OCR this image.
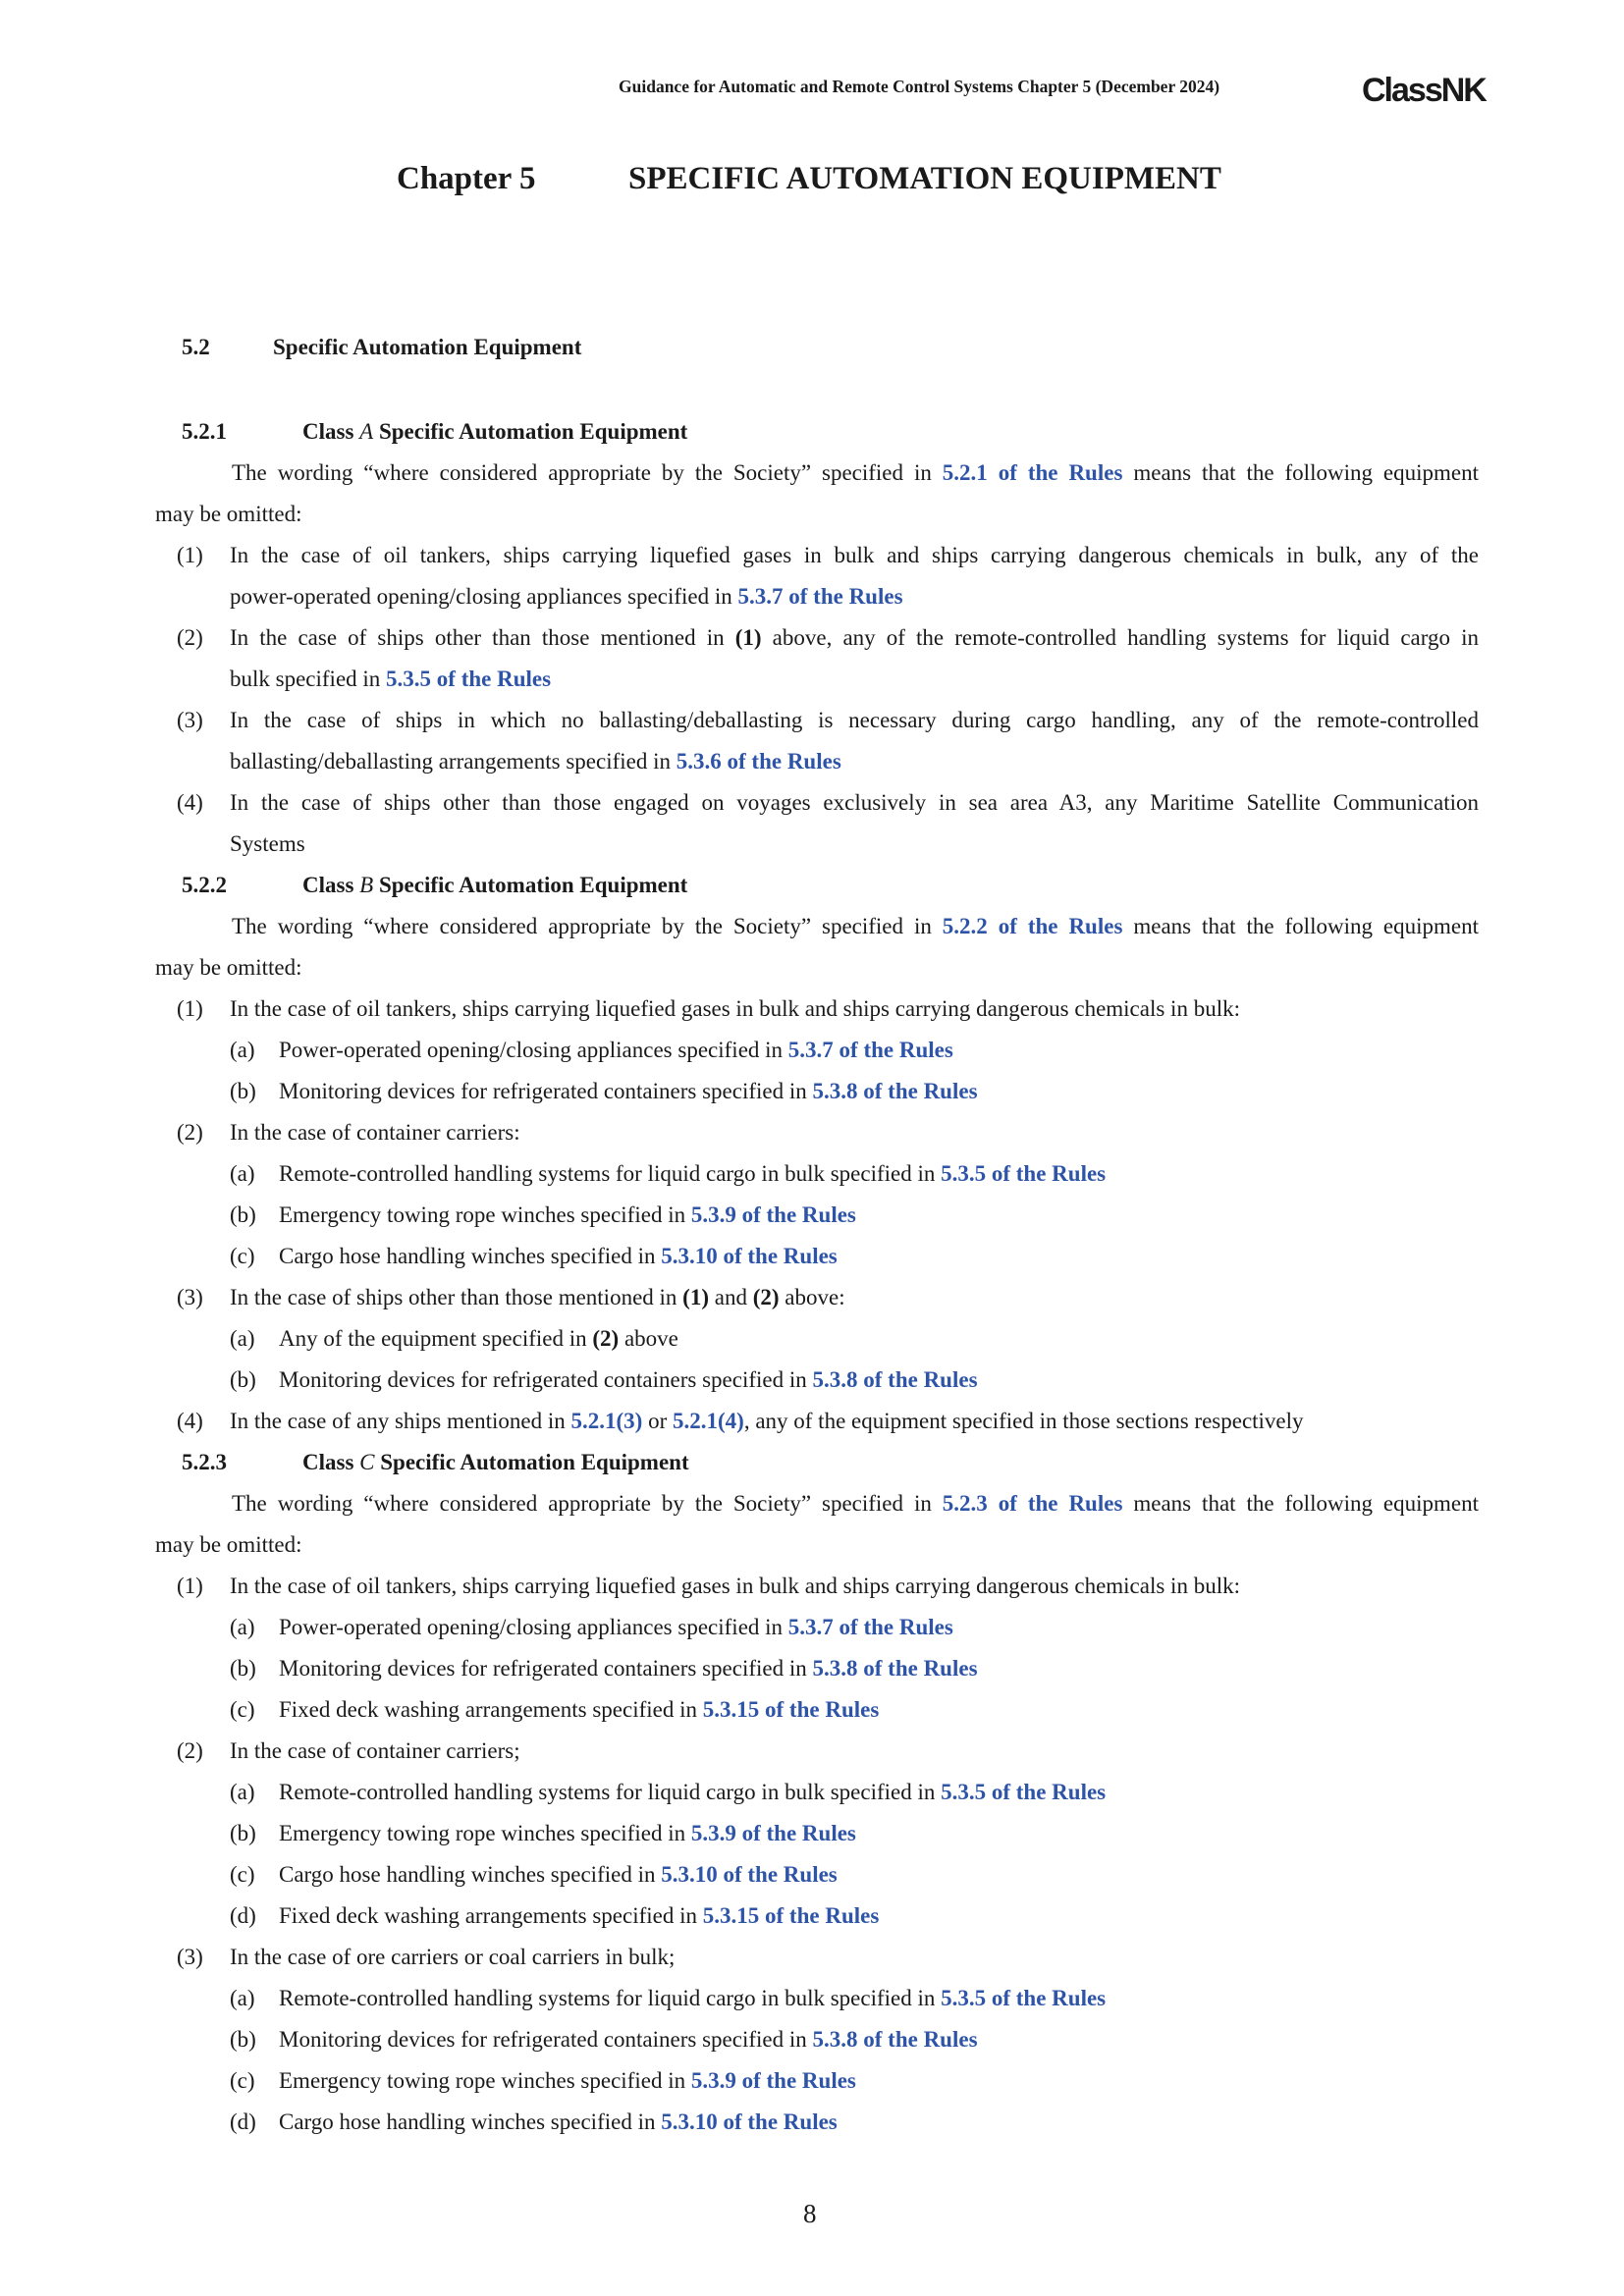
Guidance for Automatic and Remote Control Systems Chapter 5 (December 2024)	ClassNK
Chapter 5	SPECIFIC AUTOMATION EQUIPMENT
5.2	Specific Automation Equipment
5.2.1	Class A Specific Automation Equipment
The wording “where considered appropriate by the Society” specified in 5.2.1 of the Rules means that the following equipment
may be omitted:
(1) In the case of oil tankers, ships carrying liquefied gases in bulk and ships carrying dangerous chemicals in bulk, any of the
power-operated opening/closing appliances specified in 5.3.7 of the Rules
(2) In the case of ships other than those mentioned in (1) above, any of the remote-controlled handling systems for liquid cargo in
bulk specified in 5.3.5 of the Rules
(3) In the case of ships in which no ballasting/deballasting is necessary during cargo handling, any of the remote-controlled
ballasting/deballasting arrangements specified in 5.3.6 of the Rules
(4) In the case of ships other than those engaged on voyages exclusively in sea area A3, any Maritime Satellite Communication
Systems
5.2.2	Class B Specific Automation Equipment
The wording “where considered appropriate by the Society” specified in 5.2.2 of the Rules means that the following equipment
may be omitted:
(1) In the case of oil tankers, ships carrying liquefied gases in bulk and ships carrying dangerous chemicals in bulk:
(a) Power-operated opening/closing appliances specified in 5.3.7 of the Rules
(b) Monitoring devices for refrigerated containers specified in 5.3.8 of the Rules
(2) In the case of container carriers:
(a) Remote-controlled handling systems for liquid cargo in bulk specified in 5.3.5 of the Rules
(b) Emergency towing rope winches specified in 5.3.9 of the Rules
(c) Cargo hose handling winches specified in 5.3.10 of the Rules
(3) In the case of ships other than those mentioned in (1) and (2) above:
(a) Any of the equipment specified in (2) above
(b) Monitoring devices for refrigerated containers specified in 5.3.8 of the Rules
(4) In the case of any ships mentioned in 5.2.1(3) or 5.2.1(4), any of the equipment specified in those sections respectively
5.2.3	Class C Specific Automation Equipment
The wording “where considered appropriate by the Society” specified in 5.2.3 of the Rules means that the following equipment
may be omitted:
(1) In the case of oil tankers, ships carrying liquefied gases in bulk and ships carrying dangerous chemicals in bulk:
(a) Power-operated opening/closing appliances specified in 5.3.7 of the Rules
(b) Monitoring devices for refrigerated containers specified in 5.3.8 of the Rules
(c) Fixed deck washing arrangements specified in 5.3.15 of the Rules
(2) In the case of container carriers;
(a) Remote-controlled handling systems for liquid cargo in bulk specified in 5.3.5 of the Rules
(b) Emergency towing rope winches specified in 5.3.9 of the Rules
(c) Cargo hose handling winches specified in 5.3.10 of the Rules
(d) Fixed deck washing arrangements specified in 5.3.15 of the Rules
(3) In the case of ore carriers or coal carriers in bulk;
(a) Remote-controlled handling systems for liquid cargo in bulk specified in 5.3.5 of the Rules
(b) Monitoring devices for refrigerated containers specified in 5.3.8 of the Rules
(c) Emergency towing rope winches specified in 5.3.9 of the Rules
(d) Cargo hose handling winches specified in 5.3.10 of the Rules
8
